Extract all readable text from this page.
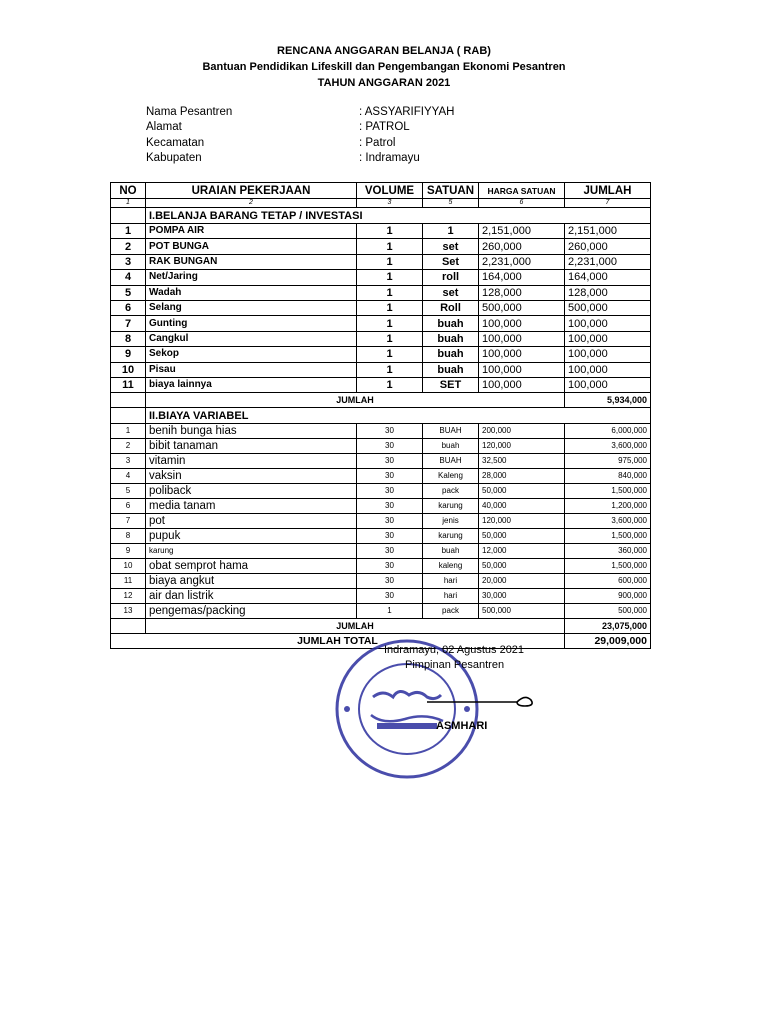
RENCANA ANGGARAN BELANJA ( RAB)
Bantuan Pendidikan Lifeskill dan Pengembangan Ekonomi Pesantren
TAHUN ANGGARAN 2021
Nama Pesantren	: ASSYARIFIYYAH
Alamat	: PATROL
Kecamatan	: Patrol
Kabupaten	: Indramayu
NO	URAIAN PEKERJAAN	VOLUME	SATUAN	HARGA SATUAN	JUMLAH
1	2	3	5	6	7
	I.BELANJA BARANG TETAP / INVESTASI				
1	POMPA AIR	1	1	2,151,000	2,151,000
2	POT BUNGA	1	set	260,000	260,000
3	RAK BUNGAN	1	Set	2,231,000	2,231,000
4	Net/Jaring	1	roll	164,000	164,000
5	Wadah	1	set	128,000	128,000
6	Selang	1	Roll	500,000	500,000
7	Gunting	1	buah	100,000	100,000
8	Cangkul	1	buah	100,000	100,000
9	Sekop	1	buah	100,000	100,000
10	Pisau	1	buah	100,000	100,000
11	biaya lainnya	1	SET	100,000	100,000
	JUMLAH				5,934,000
	II.BIAYA VARIABEL				
1	benih bunga hias	30	BUAH	200,000	6,000,000
2	bibit tanaman	30	buah	120,000	3,600,000
3	vitamin	30	BUAH	32,500	975,000
4	vaksin	30	Kaleng	28,000	840,000
5	poliback	30	pack	50,000	1,500,000
6	media tanam	30	karung	40,000	1,200,000
7	pot	30	jenis	120,000	3,600,000
8	pupuk	30	karung	50,000	1,500,000
9	karung	30	buah	12,000	360,000
10	obat semprot hama	30	kaleng	50,000	1,500,000
11	biaya angkut	30	hari	20,000	600,000
12	air dan listrik	30	hari	30,000	900,000
13	pengemas/packing	1	pack	500,000	500,000
	JUMLAH				23,075,000
JUMLAH TOTAL					29,009,000
Indramayu, 02 Agustus 2021
Pimpinan Pesantren
ASMHARI
